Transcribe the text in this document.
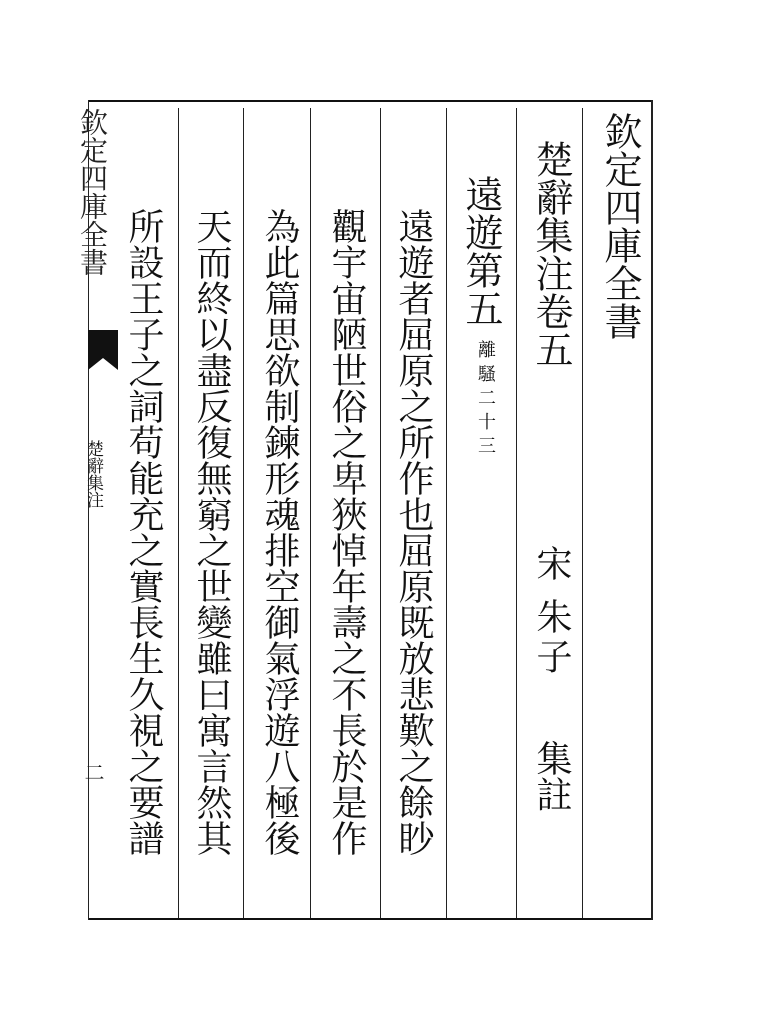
欽定四庫全書
楚辭集注卷五
宋
朱子
集註
遠遊第五
離騷二十三
遠遊者屈原之所作也屈原既放悲歎之餘眇
觀宇宙陋世俗之卑狹悼年壽之不長於是作
為此篇思欲制鍊形魂排空御氣浮遊八極後
天而終以盡反復無窮之世變雖曰寓言然其
所設王子之詞苟能充之實長生久視之要譜
欽定四庫全書
楚辭集注
二
